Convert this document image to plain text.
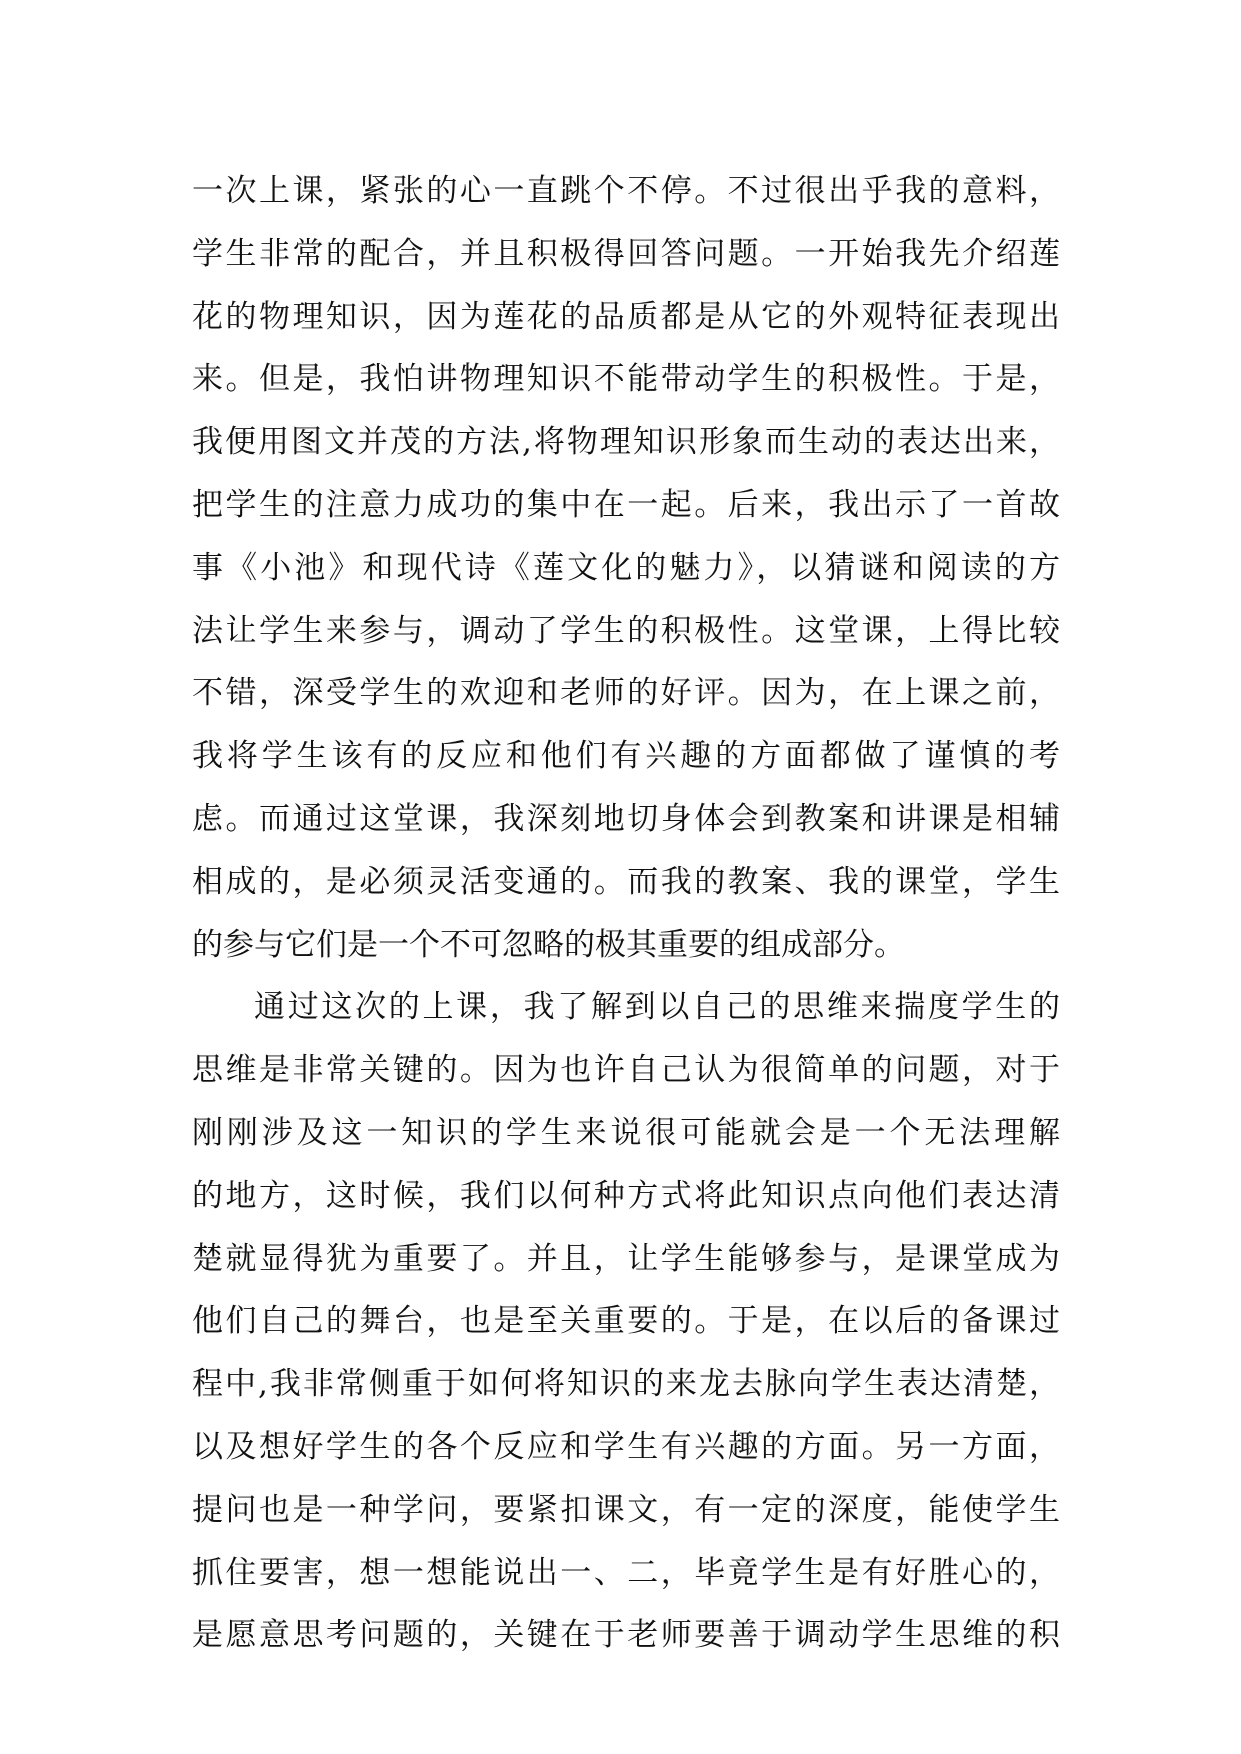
一次上课，紧张的心一直跳个不停。不过很出乎我的意料，
学生非常的配合，并且积极得回答问题。一开始我先介绍莲
花的物理知识，因为莲花的品质都是从它的外观特征表现出
来。但是，我怕讲物理知识不能带动学生的积极性。于是，
我便用图文并茂的方法,将物理知识形象而生动的表达出来，
把学生的注意力成功的集中在一起。后来，我出示了一首故
事《小池》和现代诗《莲文化的魅力》，以猜谜和阅读的方
法让学生来参与，调动了学生的积极性。这堂课，上得比较
不错，深受学生的欢迎和老师的好评。因为，在上课之前，
我将学生该有的反应和他们有兴趣的方面都做了谨慎的考
虑。而通过这堂课，我深刻地切身体会到教案和讲课是相辅
相成的，是必须灵活变通的。而我的教案、我的课堂，学生
的参与它们是一个不可忽略的极其重要的组成部分。
通过这次的上课，我了解到以自己的思维来揣度学生的
思维是非常关键的。因为也许自己认为很简单的问题，对于
刚刚涉及这一知识的学生来说很可能就会是一个无法理解
的地方，这时候，我们以何种方式将此知识点向他们表达清
楚就显得犹为重要了。并且，让学生能够参与，是课堂成为
他们自己的舞台，也是至关重要的。于是，在以后的备课过
程中,我非常侧重于如何将知识的来龙去脉向学生表达清楚，
以及想好学生的各个反应和学生有兴趣的方面。另一方面，
提问也是一种学问，要紧扣课文，有一定的深度，能使学生
抓住要害，想一想能说出一、二，毕竟学生是有好胜心的，
是愿意思考问题的，关键在于老师要善于调动学生思维的积
